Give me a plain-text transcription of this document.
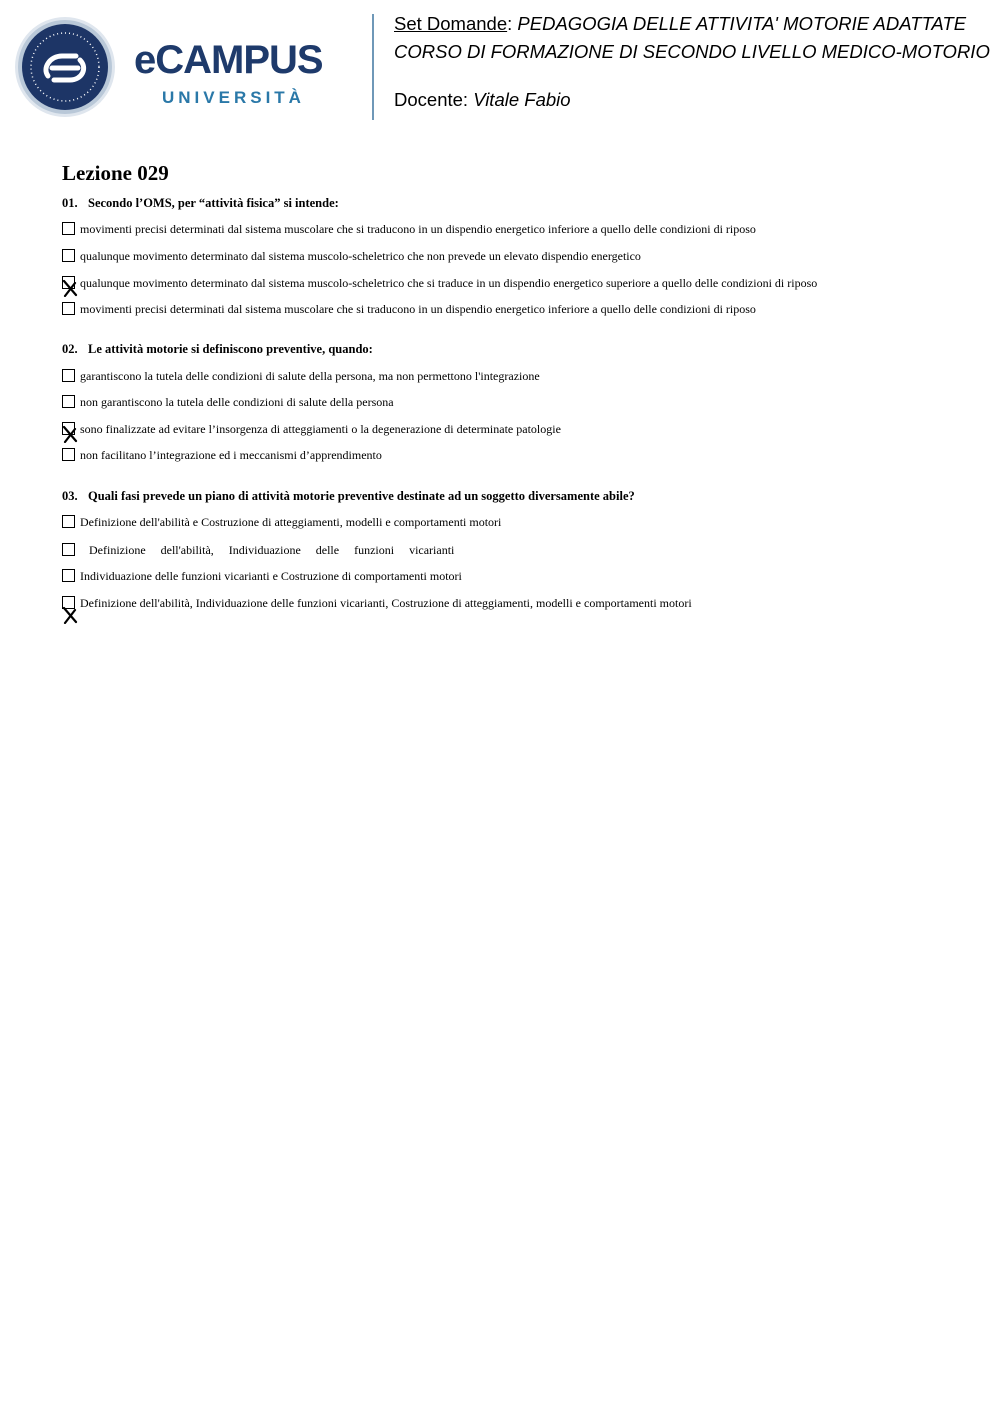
eCAMPUS
UNIVERSITÀ
Set Domande: PEDAGOGIA DELLE ATTIVITA' MOTORIE ADATTATE
CORSO DI FORMAZIONE DI SECONDO LIVELLO MEDICO-MOTORIO
Docente: Vitale Fabio
Lezione 029
01. Secondo l’OMS, per “attività fisica” si intende:
movimenti precisi determinati dal sistema muscolare che si traducono in un dispendio energetico inferiore a quello delle condizioni di riposo
qualunque movimento determinato dal sistema muscolo-scheletrico che non prevede un elevato dispendio energetico
qualunque movimento determinato dal sistema muscolo-scheletrico che si traduce in un dispendio energetico superiore a quello delle condizioni di riposo
movimenti precisi determinati dal sistema muscolare che si traducono in un dispendio energetico inferiore a quello delle condizioni di riposo
02. Le attività motorie si definiscono preventive, quando:
garantiscono la tutela delle condizioni di salute della persona, ma non permettono l'integrazione
non garantiscono la tutela delle condizioni di salute della persona
sono finalizzate ad evitare l’insorgenza di atteggiamenti o la degenerazione di determinate patologie
non facilitano l’integrazione ed i meccanismi d’apprendimento
03. Quali fasi prevede un piano di attività motorie preventive destinate ad un soggetto diversamente abile?
Definizione dell'abilità e Costruzione di atteggiamenti, modelli e comportamenti motori
Definizione dell'abilità, Individuazione delle funzioni vicarianti
Individuazione delle funzioni vicarianti e Costruzione di comportamenti motori
Definizione dell'abilità, Individuazione delle funzioni vicarianti, Costruzione di atteggiamenti, modelli e comportamenti motori
